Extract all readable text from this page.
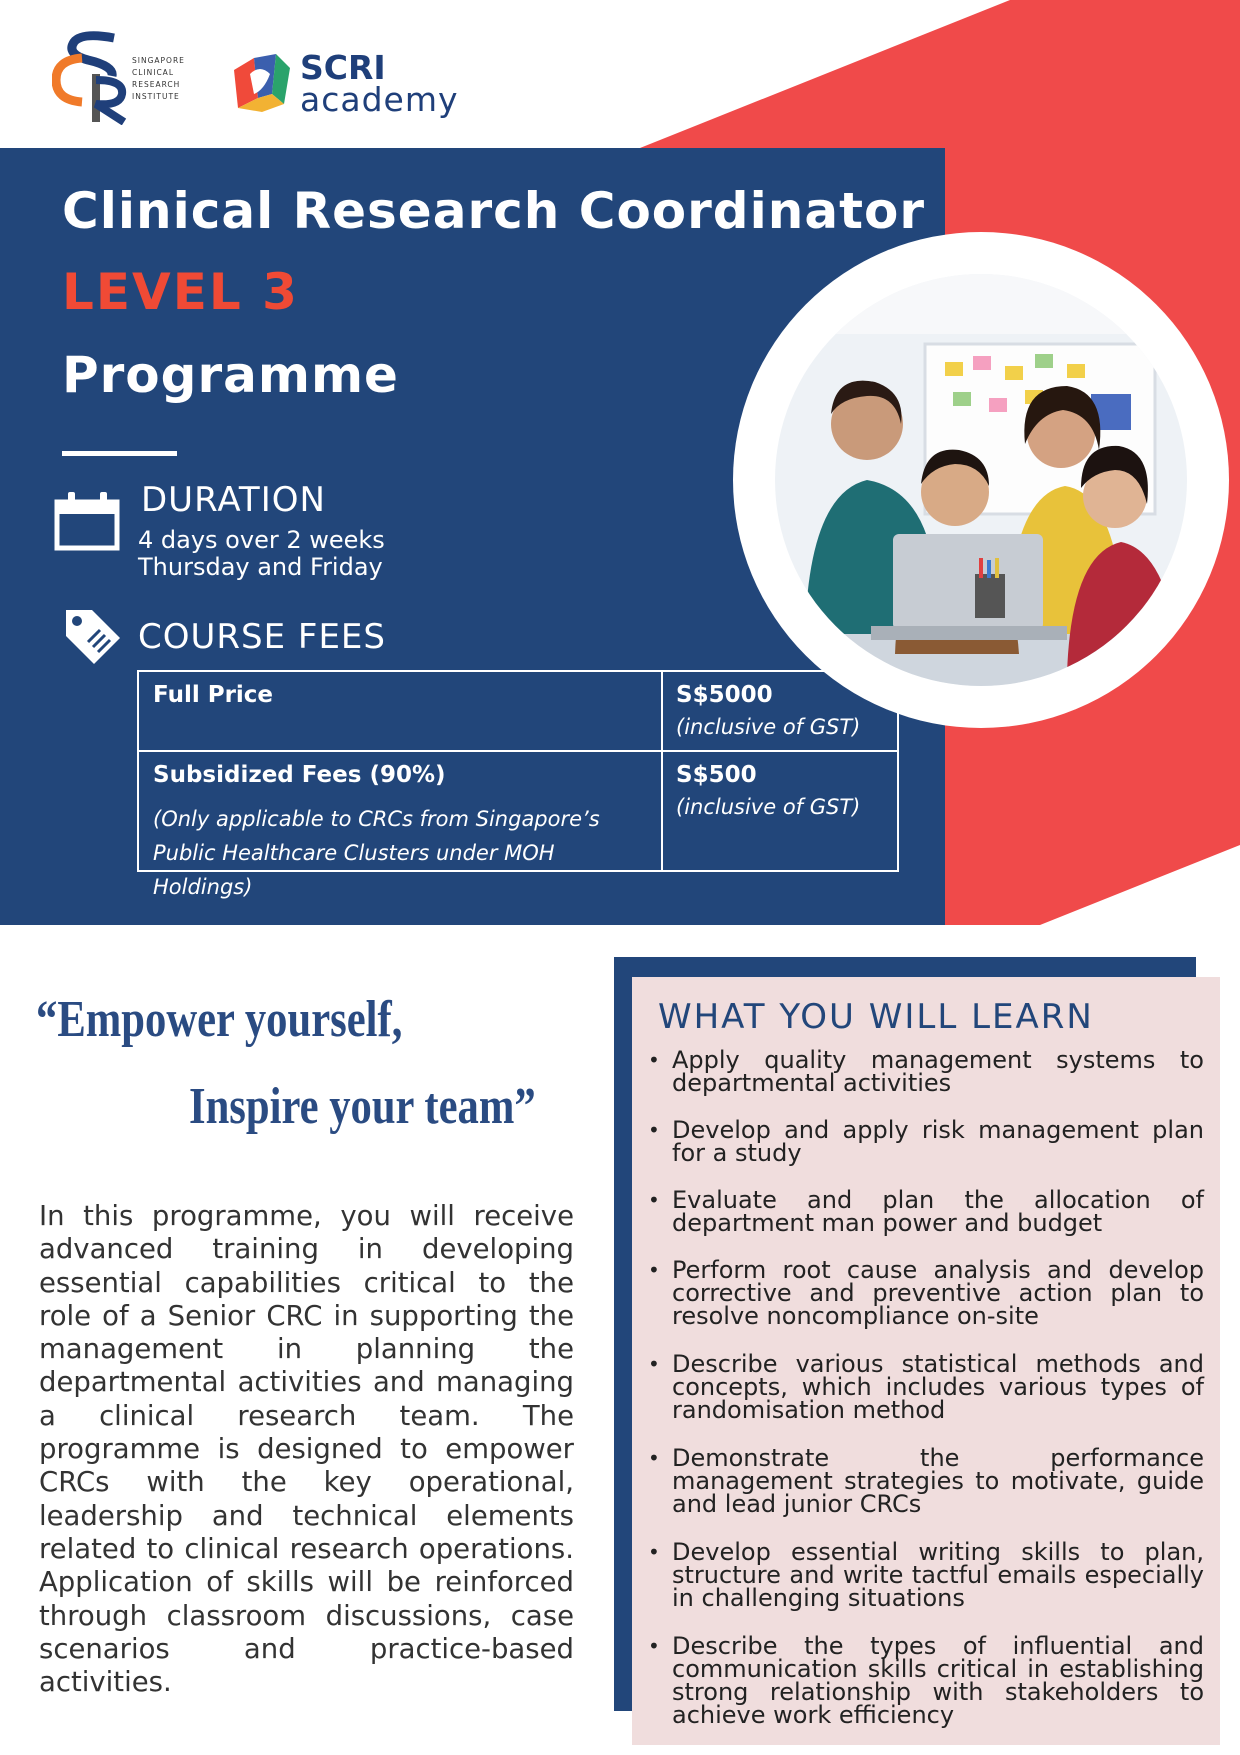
SINGAPORE
CLINICAL
RESEARCH
INSTITUTE
SCRI
academy
Clinical Research Coordinator
LEVEL 3
Programme
DURATION
4 days over 2 weeks
Thursday and Friday
COURSE FEES
Full Price	S$5000
(inclusive of GST)
Subsidized Fees (90%)
(Only applicable to CRCs from Singapore’s Public Healthcare Clusters under MOH Holdings)
S$500
(inclusive of GST)
“Empower yourself,
Inspire your team”
In this programme, you will receive advanced training in developing essential capabilities critical to the role of a Senior CRC in supporting the management in planning the departmental activities and managing a clinical research team. The programme is designed to empower CRCs with the key operational, leadership and technical elements related to clinical research operations. Application of skills will be reinforced through classroom discussions, case scenarios and practice-based activities.
WHAT YOU WILL LEARN
• Apply quality management systems to departmental activities
• Develop and apply risk management plan for a study
• Evaluate and plan the allocation of department man power and budget
• Perform root cause analysis and develop corrective and preventive action plan to resolve noncompliance on-site
• Describe various statistical methods and concepts, which includes various types of randomisation method
• Demonstrate the performance management strategies to motivate, guide and lead junior CRCs
• Develop essential writing skills to plan, structure and write tactful emails especially in challenging situations
• Describe the types of influential and communication skills critical in establishing strong relationship with stakeholders to achieve work efficiency
